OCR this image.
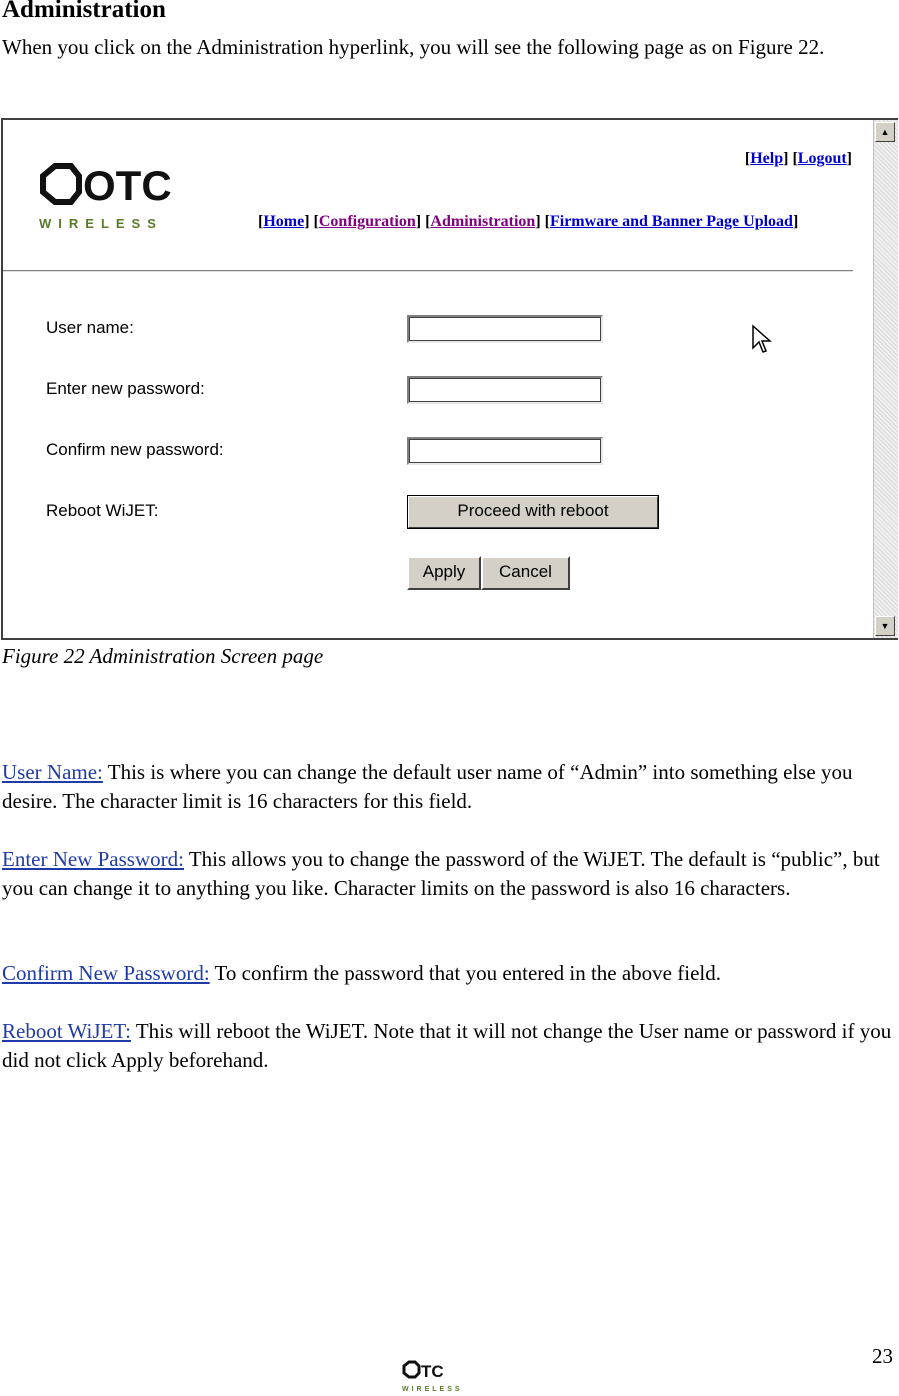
Administration

When you click on the Administration hyperlink, you will see the following page as on Figure 22.

OTC
WIRELESS
[Help] [Logout]
[Home] [Configuration] [Administration] [Firmware and Banner Page Upload]
User name:
Enter new password:
Confirm new password:
Reboot WiJET:	Proceed with reboot
Apply	Cancel
▲
▼

Figure 22 Administration Screen page

User Name: This is where you can change the default user name of “Admin” into something else you desire. The character limit is 16 characters for this field.

Enter New Password: This allows you to change the password of the WiJET. The default is “public”, but you can change it to anything you like. Character limits on the password is also 16 characters.

Confirm New Password: To confirm the password that you entered in the above field.

Reboot WiJET: This will reboot the WiJET. Note that it will not change the User name or password if you did not click Apply beforehand.

23
TC
WIRELESS
